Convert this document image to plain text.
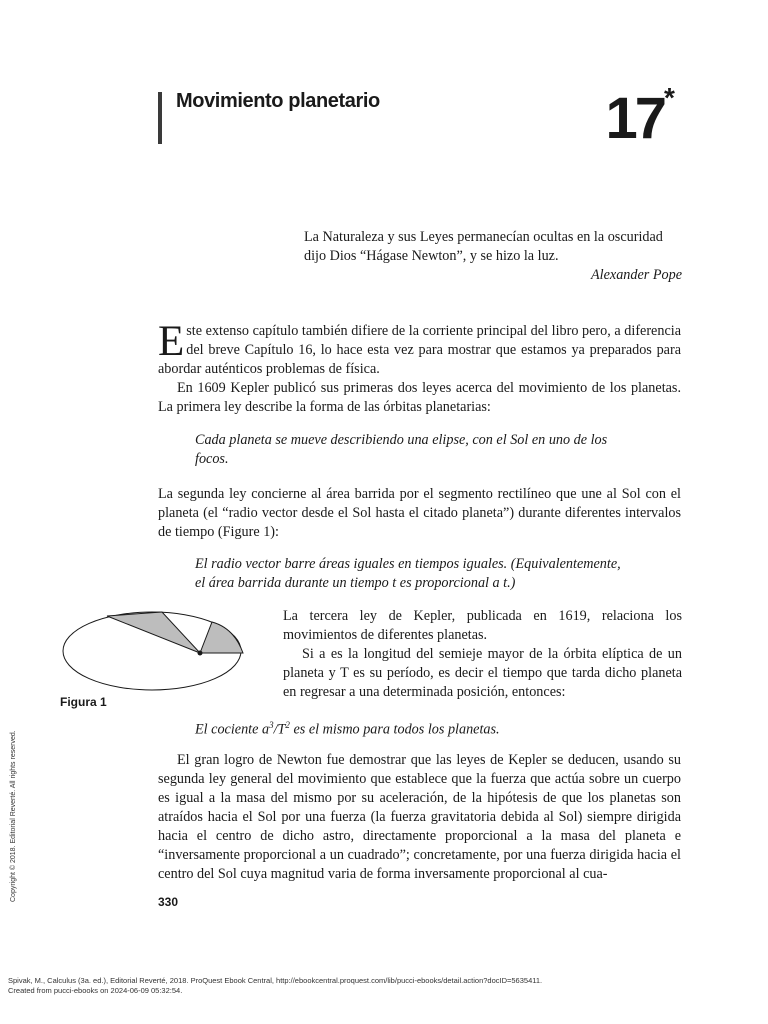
Movimiento planetario	17 *
La Naturaleza y sus Leyes permanecían ocultas en la oscuridad
dijo Dios “Hágase Newton”, y se hizo la luz.
Alexander Pope
Este extenso capítulo también difiere de la corriente principal del libro pero, a diferencia del breve Capítulo 16, lo hace esta vez para mostrar que estamos ya preparados para abordar auténticos problemas de física.
En 1609 Kepler publicó sus primeras dos leyes acerca del movimiento de los planetas. La primera ley describe la forma de las órbitas planetarias:
Cada planeta se mueve describiendo una elipse, con el Sol en uno de los
focos.
La segunda ley concierne al área barrida por el segmento rectilíneo que une al Sol con el planeta (el “radio vector desde el Sol hasta el citado planeta”) durante diferentes intervalos de tiempo (Figure 1):
El radio vector barre áreas iguales en tiempos iguales. (Equivalentemente,
el área barrida durante un tiempo t es proporcional a t.)
Figura 1
La tercera ley de Kepler, publicada en 1619, relaciona los movimientos de diferentes planetas.
Si a es la longitud del semieje mayor de la órbita elíptica de un planeta y T es su período, es decir el tiempo que tarda dicho planeta en regresar a una determinada posición, entonces:
El cociente $a^3/T^2$ es el mismo para todos los planetas.
El gran logro de Newton fue demostrar que las leyes de Kepler se deducen, usando su segunda ley general del movimiento que establece que la fuerza que actúa sobre un cuerpo es igual a la masa del mismo por su aceleración, de la hipótesis de que los planetas son atraídos hacia el Sol por una fuerza (la fuerza gravitatoria debida al Sol) siempre dirigida hacia el centro de dicho astro, directamente proporcional a la masa del planeta e “inversamente proporcional a un cuadrado”; concretamente, por una fuerza dirigida hacia el centro del Sol cuya magnitud varia de forma inversamente proporcional al cua-
330
Copyright © 2018. Editorial Reverté. All rights reserved.
Spivak, M., Calculus (3a. ed.), Editorial Reverté, 2018. ProQuest Ebook Central, http://ebookcentral.proquest.com/lib/pucci-ebooks/detail.action?docID=5635411.
Created from pucci-ebooks on 2024-06-09 05:32:54.
